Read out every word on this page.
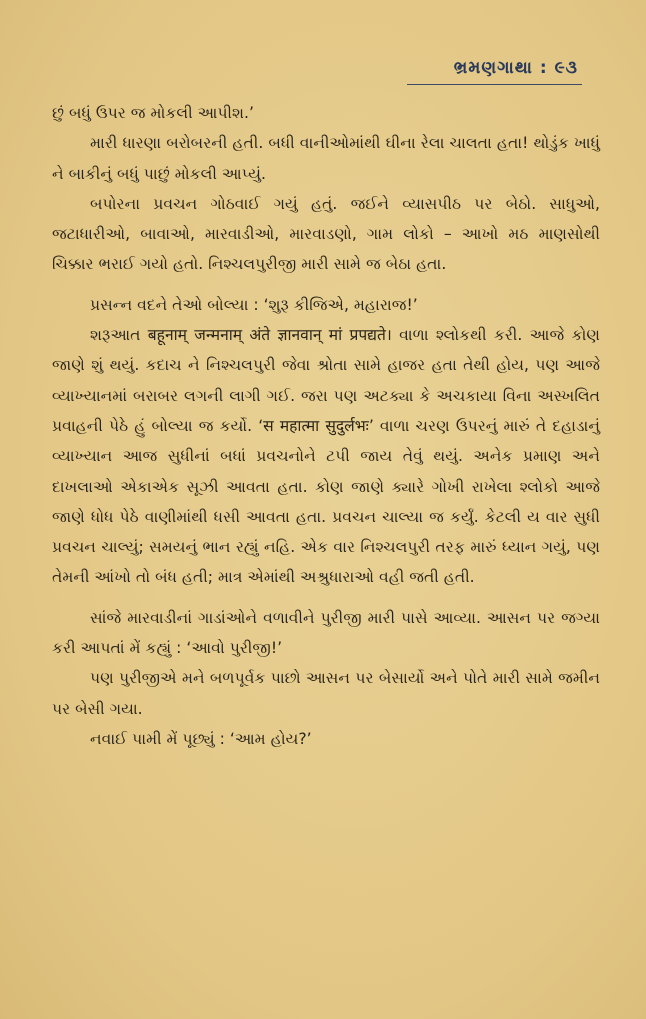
ભ્રમણગાથા : ૯૩

છું બધું ઉપર જ મોકલી આપીશ.’

મારી ધારણા બરોબરની હતી. બધી વાનીઓમાંથી ઘીના રેલા ચાલતા હતા! થોડુંક ખાધું ને બાકીનું બધું પાછું મોકલી આપ્યું.

બપોરના પ્રવચન ગોઠવાઈ ગયું હતું. જઈને વ્યાસપીઠ પર બેઠો. સાધુઓ, જટાધારીઓ, બાવાઓ, મારવાડીઓ, મારવાડણો, ગામ લોકો – આખો મઠ માણસોથી ચિક્કાર ભરાઈ ગયો હતો. નિશ્ચલપુરીજી મારી સામે જ બેઠા હતા.

પ્રસન્ન વદને તેઓ બોલ્યા : ‘શુરૂ કીજિએ, મહારાજ!’

શરૂઆત बहूनाम् जन्मनाम् अंते ज्ञानवान् मां प्रपद्यते। વાળા શ્લોકથી કરી. આજે કોણ જાણે શું થયું. કદાચ ને નિશ્ચલપુરી જેવા શ્રોતા સામે હાજર હતા તેથી હોય, પણ આજે વ્યાખ્યાનમાં બરાબર લગની લાગી ગઈ. જરા પણ અટક્યા કે અચકાયા વિના અસ્ખલિત પ્રવાહની પેઠે હું બોલ્યા જ કર્યો. ‘स महात्मा सुदुर्लभः’ વાળા ચરણ ઉપરનું મારું તે દહાડાનું વ્યાખ્યાન આજ સુધીનાં બધાં પ્રવચનોને ટપી જાય તેવું થયું. અનેક પ્રમાણ અને દાખલાઓ એકાએક સૂઝી આવતા હતા. કોણ જાણે ક્યારે ગોખી રાખેલા શ્લોકો આજે જાણે ધોધ પેઠે વાણીમાંથી ધસી આવતા હતા. પ્રવચન ચાલ્યા જ કર્યું. કેટલી ય વાર સુધી પ્રવચન ચાલ્યું; સમયનું ભાન રહ્યું નહિ. એક વાર નિશ્ચલપુરી તરફ મારું ધ્યાન ગયું, પણ તેમની આંખો તો બંધ હતી; માત્ર એમાંથી અશ્રુધારાઓ વહી જતી હતી.

સાંજે મારવાડીનાં ગાડાંઓને વળાવીને પુરીજી મારી પાસે આવ્યા. આસન પર જગ્યા કરી આપતાં મેં કહ્યું : ‘આવો પુરીજી!’

પણ પુરીજીએ મને બળપૂર્વક પાછો આસન પર બેસાર્યો અને પોતે મારી સામે જમીન પર બેસી ગયા.

નવાઈ પામી મેં પૂછ્યું : ‘આમ હોય?’
